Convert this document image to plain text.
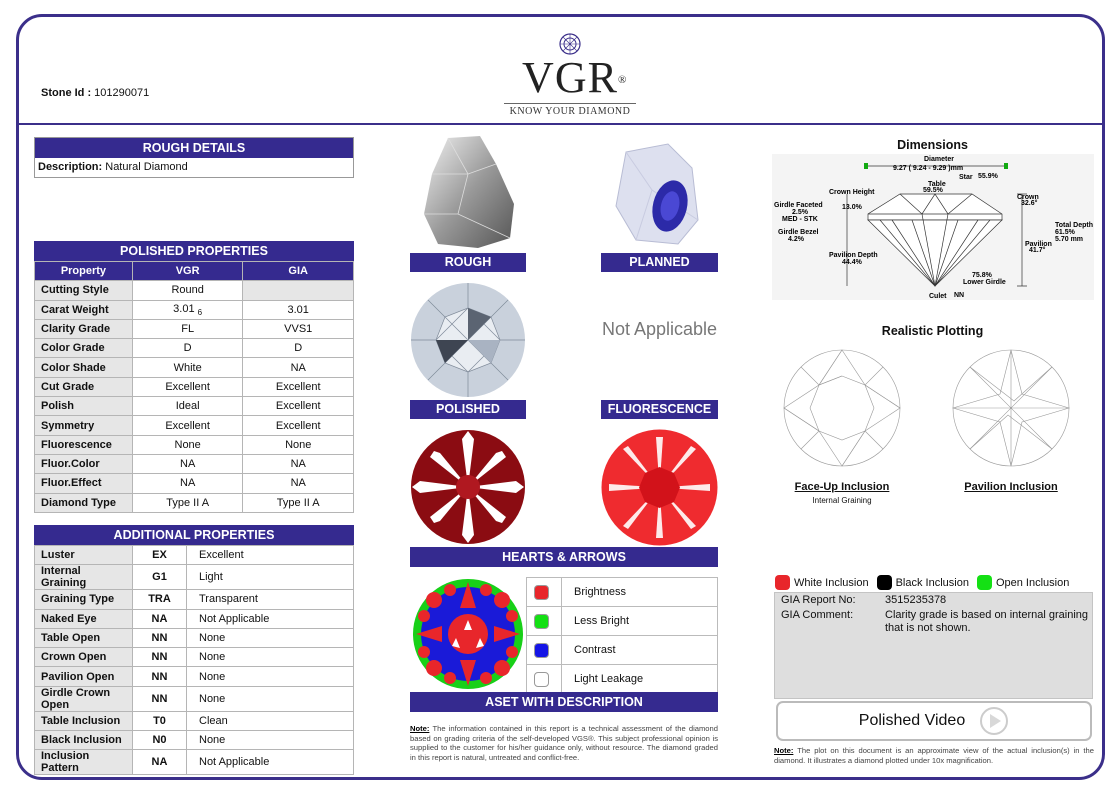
Stone Id : 101290071	VGR ®
KNOW YOUR DIAMOND
ROUGH DETAILS
Description: Natural Diamond
POLISHED PROPERTIES
Property	VGR	GIA
Cutting Style	Round	
Carat Weight	3.01 $_6$	3.01
Clarity Grade	FL	VVS1
Color Grade	D	D
Color Shade	White	NA
Cut Grade	Excellent	Excellent
Polish	Ideal	Excellent
Symmetry	Excellent	Excellent
Fluorescence	None	None
Fluor.Color	NA	NA
Fluor.Effect	NA	NA
Diamond Type	Type II A	Type II A
ADDITIONAL PROPERTIES
Luster	EX	Excellent
Internal Graining	G1	Light
Graining Type	TRA	Transparent
Naked Eye	NA	Not Applicable
Table Open	NN	None
Crown Open	NN	None
Pavilion Open	NN	None
Girdle Crown Open	NN	None
Table Inclusion	T0	Clean
Black Inclusion	N0	None
Inclusion Pattern	NA	Not Applicable
ROUGH	PLANNED
POLISHED
Not Applicable
FLUORESCENCE
HEARTS & ARROWS
Brightness
Less Bright
Contrast
Light Leakage
ASET WITH DESCRIPTION
Note: The information contained in this report is a technical assessment of the diamond based on grading criteria of the self-developed VGS®. This subject professional opinion is supplied to the customer for his/her guidance only, without resource. The diamond graded in this report is natural, untreated and conflict-free.
Dimensions
Diameter
9.27 ( 9.24 - 9.29 )mm
Star 55.9%
Table
59.5%
Crown Height
13.0%
Crown
32.6°
Girdle Faceted
2.5%
MED - STK
Girdle Bezel
4.2%
Total Depth
61.5%
5.70 mm
Pavilion
41.7°
Pavilion Depth
44.4%
75.8%
Lower Girdle
Culet NN
Realistic Plotting
Face-Up Inclusion
Internal Graining
Pavilion Inclusion
White Inclusion Black Inclusion Open Inclusion
GIA Report No:	3515235378
GIA Comment:	Clarity grade is based on internal graining that is not shown.
Polished Video
Note: The plot on this document is an approximate view of the actual inclusion(s) in the diamond. It illustrates a diamond plotted under 10x magnification.
